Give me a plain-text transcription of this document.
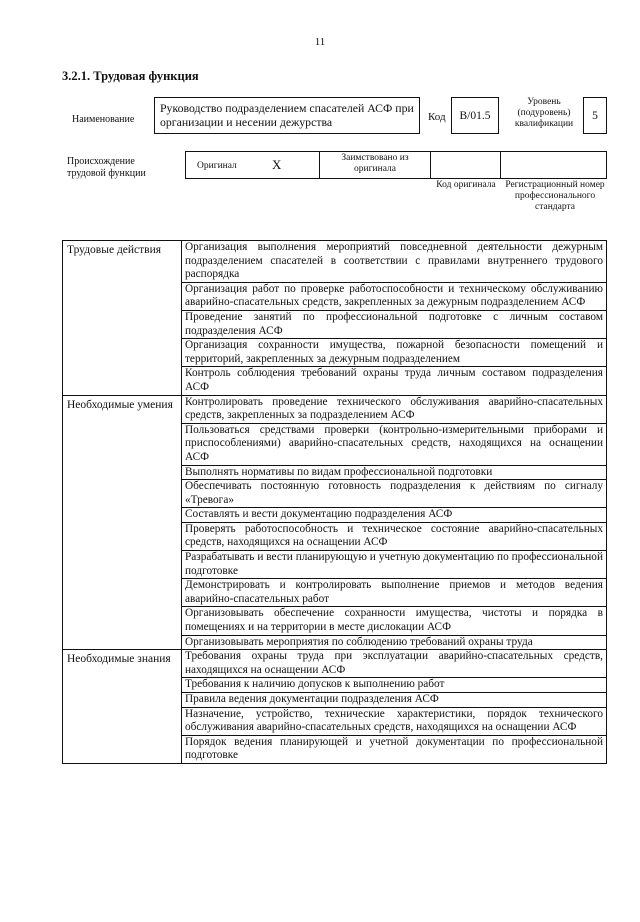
11
3.2.1. Трудовая функция
Наименование
Руководство подразделением спасателей АСФ при организации и несении дежурства	Код B/01.5
Уровень (подуровень) квалификации
5
Происхождение трудовой функции
Оригинал	X	Заимствовано из оригинала
Код оригинала Регистрационный номер профессионального стандарта
Трудовые действия	Организация выполнения мероприятий повседневной деятельности дежурным подразделением спасателей в соответствии с правилами внутреннего трудового распорядка
	Организация работ по проверке работоспособности и техническому обслуживанию аварийно-спасательных средств, закрепленных за дежурным подразделением АСФ
	Проведение занятий по профессиональной подготовке с личным составом подразделения АСФ
	Организация сохранности имущества, пожарной безопасности помещений и территорий, закрепленных за дежурным подразделением
	Контроль соблюдения требований охраны труда личным составом подразделения АСФ
Необходимые умения	Контролировать проведение технического обслуживания аварийно-спасательных средств, закрепленных за подразделением АСФ
	Пользоваться средствами проверки (контрольно-измерительными приборами и приспособлениями) аварийно-спасательных средств, находящихся на оснащении АСФ
	Выполнять нормативы по видам профессиональной подготовки
	Обеспечивать постоянную готовность подразделения к действиям по сигналу «Тревога»
	Составлять и вести документацию подразделения АСФ
	Проверять работоспособность и техническое состояние аварийно-спасательных средств, находящихся на оснащении АСФ
	Разрабатывать и вести планирующую и учетную документацию по профессиональной подготовке
	Демонстрировать и контролировать выполнение приемов и методов ведения аварийно-спасательных работ
	Организовывать обеспечение сохранности имущества, чистоты и порядка в помещениях и на территории в месте дислокации АСФ
	Организовывать мероприятия по соблюдению требований охраны труда
Необходимые знания	Требования охраны труда при эксплуатации аварийно-спасательных средств, находящихся на оснащении АСФ
	Требования к наличию допусков к выполнению работ
	Правила ведения документации подразделения АСФ
	Назначение, устройство, технические характеристики, порядок технического обслуживания аварийно-спасательных средств, находящихся на оснащении АСФ
	Порядок ведения планирующей и учетной документации по профессиональной подготовке
